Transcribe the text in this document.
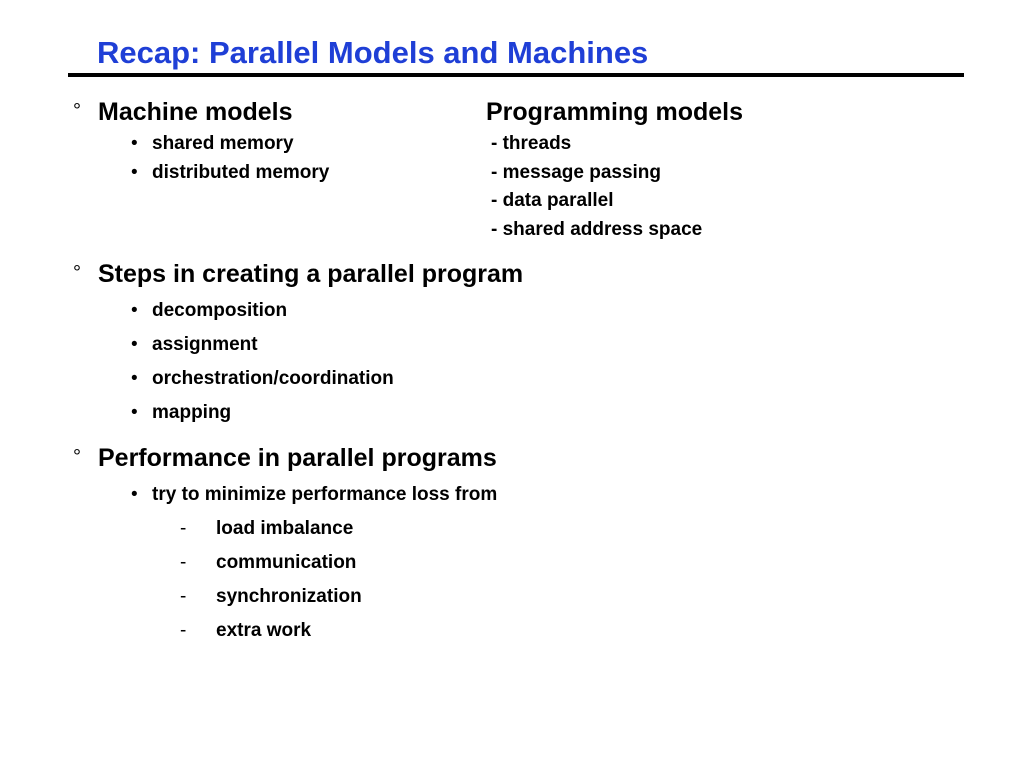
Recap: Parallel Models and Machines
° Machine models	Programming models
• shared memory
• distributed memory
- threads
- message passing
- data parallel
- shared address space
° Steps in creating a parallel program
• decomposition
• assignment
• orchestration/coordination
• mapping
° Performance in parallel programs
• try to minimize performance loss from
- load imbalance
- communication
- synchronization
- extra work
